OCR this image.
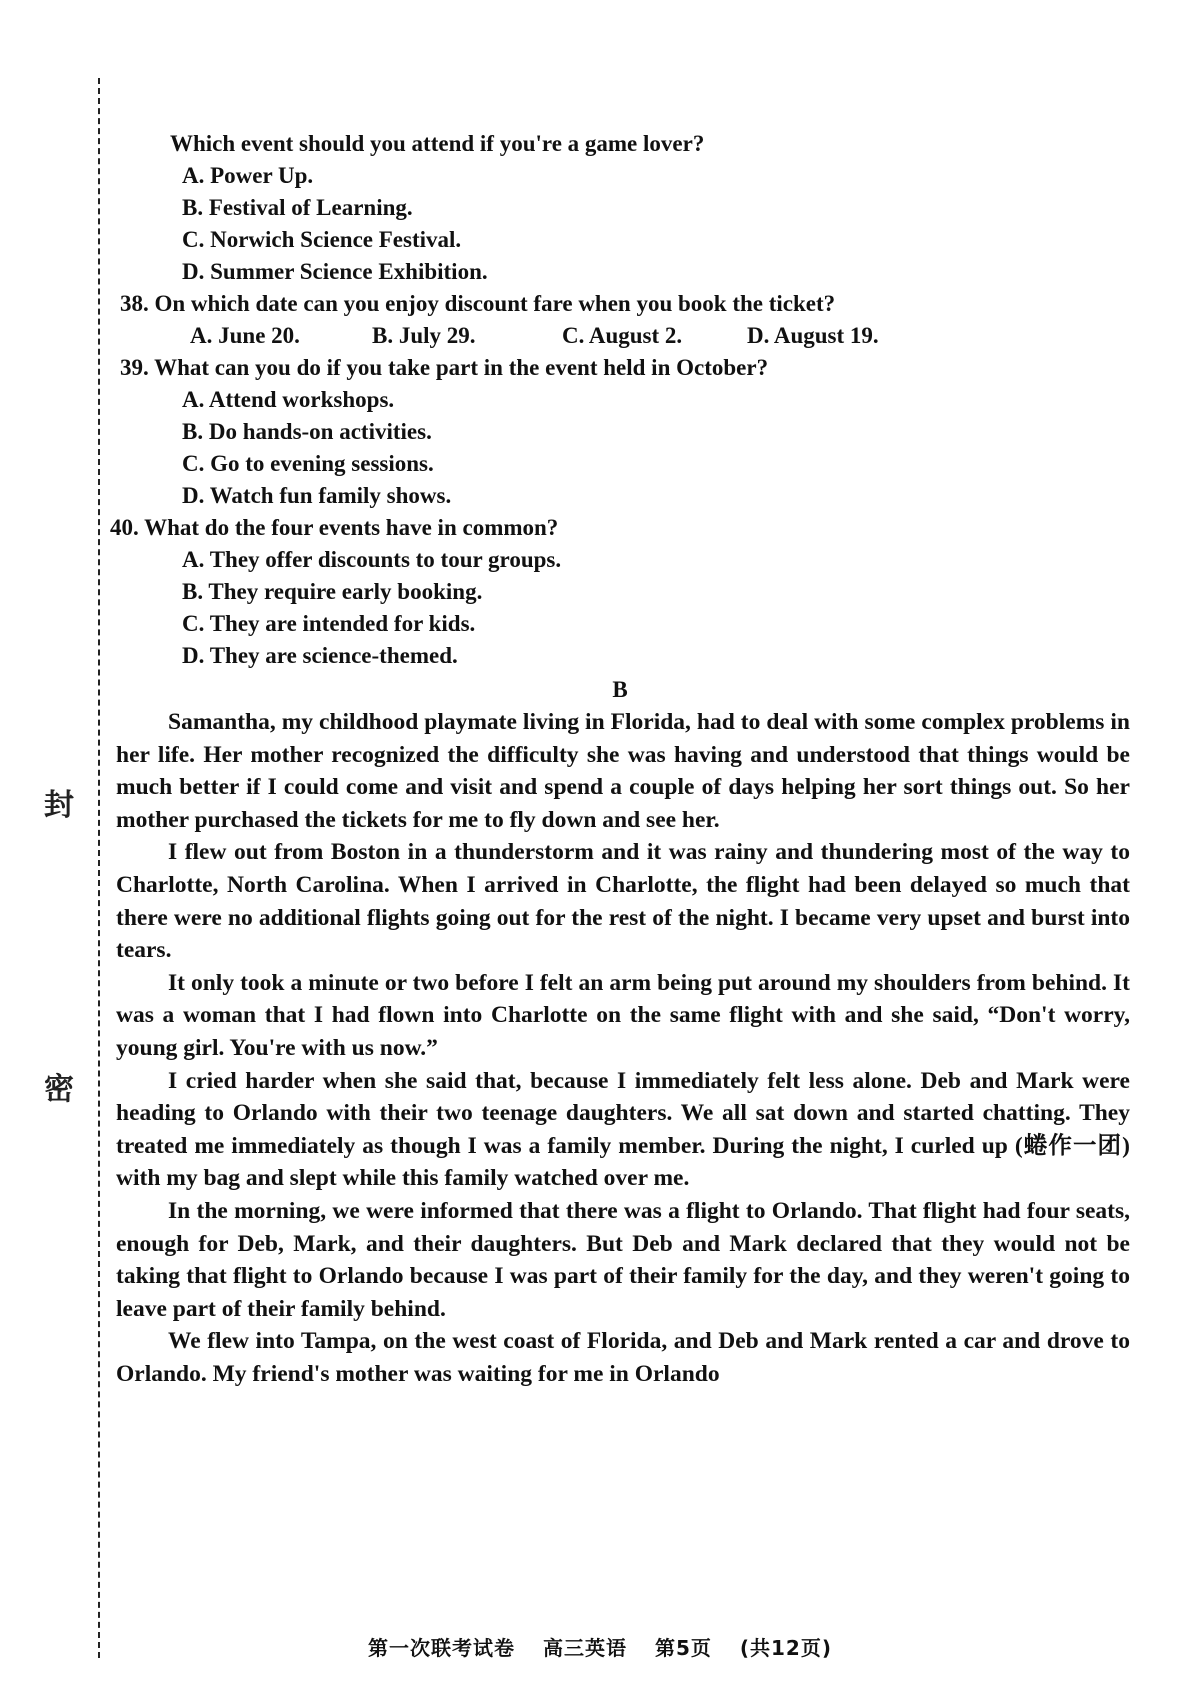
封
密

Which event should you attend if you're a game lover?

A. Power Up.

B. Festival of Learning.

C. Norwich Science Festival.

D. Summer Science Exhibition.

38. On which date can you enjoy discount fare when you book the ticket?

A. June 20.	B. July 29.	C. August 2.	D. August 19.

39. What can you do if you take part in the event held in October?

A. Attend workshops.

B. Do hands-on activities.

C. Go to evening sessions.

D. Watch fun family shows.

40. What do the four events have in common?

A. They offer discounts to tour groups.

B. They require early booking.

C. They are intended for kids.

D. They are science-themed.

B

Samantha, my childhood playmate living in Florida, had to deal with some complex problems in her life. Her mother recognized the difficulty she was having and understood that things would be much better if I could come and visit and spend a couple of days helping her sort things out. So her mother purchased the tickets for me to fly down and see her.

I flew out from Boston in a thunderstorm and it was rainy and thundering most of the way to Charlotte, North Carolina. When I arrived in Charlotte, the flight had been delayed so much that there were no additional flights going out for the rest of the night. I became very upset and burst into tears.

It only took a minute or two before I felt an arm being put around my shoulders from behind. It was a woman that I had flown into Charlotte on the same flight with and she said, “Don't worry, young girl. You're with us now.”

I cried harder when she said that, because I immediately felt less alone. Deb and Mark were heading to Orlando with their two teenage daughters. We all sat down and started chatting. They treated me immediately as though I was a family member. During the night, I curled up (蜷作一团) with my bag and slept while this family watched over me.

In the morning, we were informed that there was a flight to Orlando. That flight had four seats, enough for Deb, Mark, and their daughters. But Deb and Mark declared that they would not be taking that flight to Orlando because I was part of their family for the day, and they weren't going to leave part of their family behind.

We flew into Tampa, on the west coast of Florida, and Deb and Mark rented a car and drove to Orlando. My friend's mother was waiting for me in Orlando

第一次联考试卷 高三英语 第5页 (共12页)
